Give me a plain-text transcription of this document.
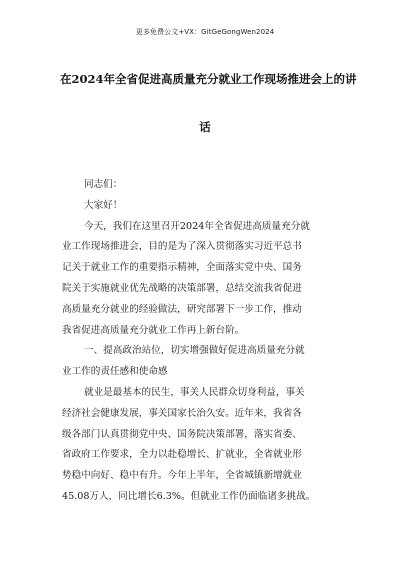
更多免费公文+VX：GitGeGongWen2024
在2024年全省促进高质量充分就业工作现场推进会上的讲
话
同志们：
大家好！
今天，我们在这里召开2024年全省促进高质量充分就
业工作现场推进会，目的是为了深入贯彻落实习近平总书
记关于就业工作的重要指示精神，全面落实党中央、国务
院关于实施就业优先战略的决策部署，总结交流我省促进
高质量充分就业的经验做法，研究部署下一步工作，推动
我省促进高质量充分就业工作再上新台阶。
一、提高政治站位，切实增强做好促进高质量充分就
业工作的责任感和使命感
就业是最基本的民生，事关人民群众切身利益，事关
经济社会健康发展，事关国家长治久安。近年来，我省各
级各部门认真贯彻党中央、国务院决策部署，落实省委、
省政府工作要求，全力以赴稳增长、扩就业，全省就业形
势稳中向好、稳中有升。今年上半年，全省城镇新增就业
45.08万人，同比增长6.3%。但就业工作仍面临诸多挑战。
